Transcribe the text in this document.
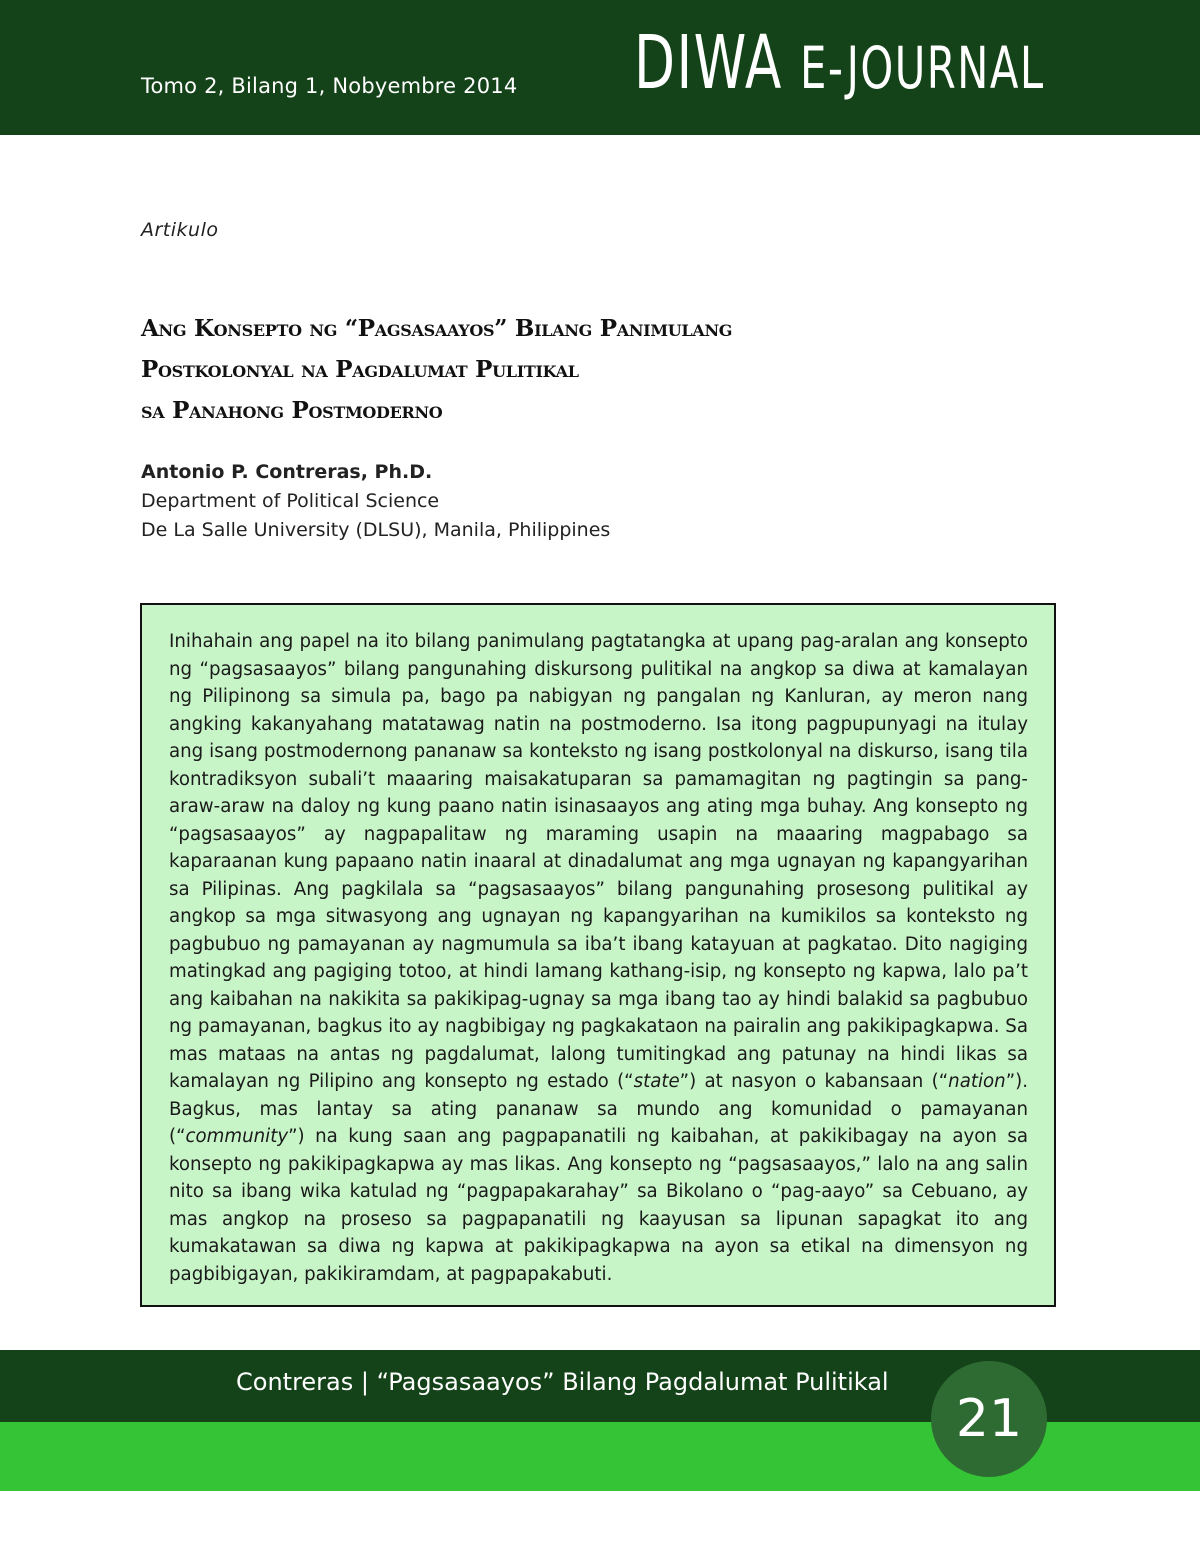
Tomo 2, Bilang 1, Nobyembre 2014 DIWA E-JOURNAL
Artikulo
Ang Konsepto ng “Pagsasaayos” Bilang Panimulang
Postkolonyal na Pagdalumat Pulitikal
sa Panahong Postmoderno
Antonio P. Contreras, Ph.D.
Department of Political Science
De La Salle University (DLSU), Manila, Philippines

Inihahain ang papel na ito bilang panimulang pagtatangka at upang pag-aralan ang konsepto ng “pagsasaayos” bilang pangunahing diskursong pulitikal na angkop sa diwa at kamalayan ng Pilipinong sa simula pa, bago pa nabigyan ng pangalan ng Kanluran, ay meron nang angking kakanyahang matatawag natin na postmoderno. Isa itong pagpupunyagi na itulay ang isang postmodernong pananaw sa konteksto ng isang postkolonyal na diskurso, isang tila kontradiksyon subali’t maaaring maisakatuparan sa pamamagitan ng pagtingin sa pang-araw-araw na daloy ng kung paano natin isinasaayos ang ating mga buhay. Ang konsepto ng “pagsasaayos” ay nagpapalitaw ng maraming usapin na maaaring magpabago sa kaparaanan kung papaano natin inaaral at dinadalumat ang mga ugnayan ng kapangyarihan sa Pilipinas. Ang pagkilala sa “pagsasaayos” bilang pangunahing prosesong pulitikal ay angkop sa mga sitwasyong ang ugnayan ng kapangyarihan na kumikilos sa konteksto ng pagbubuo ng pamayanan ay nagmumula sa iba’t ibang katayuan at pagkatao. Dito nagiging matingkad ang pagiging totoo, at hindi lamang kathang-isip, ng konsepto ng kapwa, lalo pa’t ang kaibahan na nakikita sa pakikipag-ugnay sa mga ibang tao ay hindi balakid sa pagbubuo ng pamayanan, bagkus ito ay nagbibigay ng pagkakataon na pairalin ang pakikipagkapwa. Sa mas mataas na antas ng pagdalumat, lalong tumitingkad ang patunay na hindi likas sa kamalayan ng Pilipino ang konsepto ng estado (“state”) at nasyon o kabansaan (“nation”). Bagkus, mas lantay sa ating pananaw sa mundo ang komunidad o pamayanan (“community”) na kung saan ang pagpapanatili ng kaibahan, at pakikibagay na ayon sa konsepto ng pakikipagkapwa ay mas likas. Ang konsepto ng “pagsasaayos,” lalo na ang salin nito sa ibang wika katulad ng “pagpapakarahay” sa Bikolano o “pag-aayo” sa Cebuano, ay mas angkop na proseso sa pagpapanatili ng kaayusan sa lipunan sapagkat ito ang kumakatawan sa diwa ng kapwa at pakikipagkapwa na ayon sa etikal na dimensyon ng pagbibigayan, pakikiramdam, at pagpapakabuti.

Contreras | “Pagsasaayos” Bilang Pagdalumat Pulitikal
21
